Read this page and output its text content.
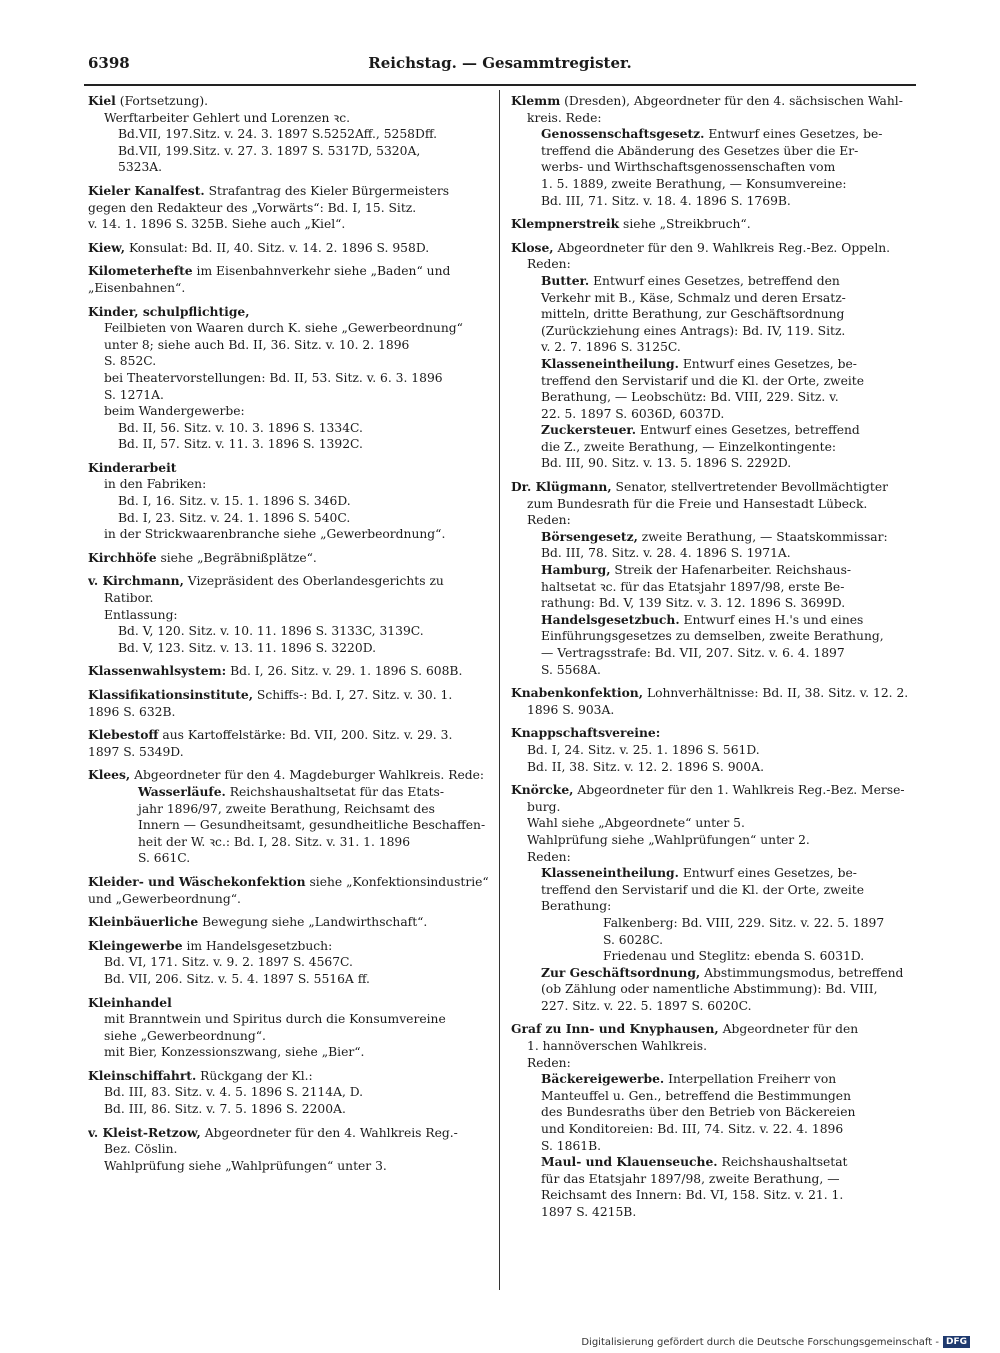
6398	Reichstag. — Gesammtregister.
Kiel (Fortsetzung).
Werftarbeiter Gehlert und Lorenzen ꝛc.
Bd.VII, 197.Sitz. v. 24. 3. 1897 S.5252Aff., 5258Dff.
Bd.VII, 199.Sitz. v. 27. 3. 1897 S. 5317D, 5320A,
5323A.
Kieler Kanalfest. Strafantrag des Kieler Bürgermeisters
gegen den Redakteur des „Vorwärts“: Bd. I, 15. Sitz.
v. 14. 1. 1896 S. 325B. Siehe auch „Kiel“.
Kiew, Konsulat: Bd. II, 40. Sitz. v. 14. 2. 1896 S. 958D.
Kilometerhefte im Eisenbahnverkehr siehe „Baden“ und
„Eisenbahnen“.
Kinder, schulpflichtige,
Feilbieten von Waaren durch K. siehe „Gewerbeordnung“
unter 8; siehe auch Bd. II, 36. Sitz. v. 10. 2. 1896
S. 852C.
bei Theatervorstellungen: Bd. II, 53. Sitz. v. 6. 3. 1896
S. 1271A.
beim Wandergewerbe:
Bd. II, 56. Sitz. v. 10. 3. 1896 S. 1334C.
Bd. II, 57. Sitz. v. 11. 3. 1896 S. 1392C.
Kinderarbeit
in den Fabriken:
Bd. I, 16. Sitz. v. 15. 1. 1896 S. 346D.
Bd. I, 23. Sitz. v. 24. 1. 1896 S. 540C.
in der Strickwaarenbranche siehe „Gewerbeordnung“.
Kirchhöfe siehe „Begräbnißplätze“.
v. Kirchmann, Vizepräsident des Oberlandesgerichts zu
Ratibor.
Entlassung:
Bd. V, 120. Sitz. v. 10. 11. 1896 S. 3133C, 3139C.
Bd. V, 123. Sitz. v. 13. 11. 1896 S. 3220D.
Klassenwahlsystem: Bd. I, 26. Sitz. v. 29. 1. 1896 S. 608B.
Klassifikationsinstitute, Schiffs-: Bd. I, 27. Sitz. v. 30. 1.
1896 S. 632B.
Klebestoff aus Kartoffelstärke: Bd. VII, 200. Sitz. v. 29. 3.
1897 S. 5349D.
Klees, Abgeordneter für den 4. Magdeburger Wahlkreis. Rede:
Wasserläufe. Reichshaushaltsetat für das Etats-
jahr 1896/97, zweite Berathung, Reichsamt des
Innern — Gesundheitsamt, gesundheitliche Beschaffen-
heit der W. ꝛc.: Bd. I, 28. Sitz. v. 31. 1. 1896
S. 661C.
Kleider- und Wäschekonfektion siehe „Konfektionsindustrie“
und „Gewerbeordnung“.
Kleinbäuerliche Bewegung siehe „Landwirthschaft“.
Kleingewerbe im Handelsgesetzbuch:
Bd. VI, 171. Sitz. v. 9. 2. 1897 S. 4567C.
Bd. VII, 206. Sitz. v. 5. 4. 1897 S. 5516A ff.
Kleinhandel
mit Branntwein und Spiritus durch die Konsumvereine
siehe „Gewerbeordnung“.
mit Bier, Konzessionszwang, siehe „Bier“.
Kleinschiffahrt. Rückgang der Kl.:
Bd. III, 83. Sitz. v. 4. 5. 1896 S. 2114A, D.
Bd. III, 86. Sitz. v. 7. 5. 1896 S. 2200A.
v. Kleist-Retzow, Abgeordneter für den 4. Wahlkreis Reg.-
Bez. Cöslin.
Wahlprüfung siehe „Wahlprüfungen“ unter 3.
Klemm (Dresden), Abgeordneter für den 4. sächsischen Wahl-
kreis. Rede:
Genossenschaftsgesetz. Entwurf eines Gesetzes, be-
treffend die Abänderung des Gesetzes über die Er-
werbs- und Wirthschaftsgenossenschaften vom
1. 5. 1889, zweite Berathung, — Konsumvereine:
Bd. III, 71. Sitz. v. 18. 4. 1896 S. 1769B.
Klempnerstreik siehe „Streikbruch“.
Klose, Abgeordneter für den 9. Wahlkreis Reg.-Bez. Oppeln.
Reden:
Butter. Entwurf eines Gesetzes, betreffend den
Verkehr mit B., Käse, Schmalz und deren Ersatz-
mitteln, dritte Berathung, zur Geschäftsordnung
(Zurückziehung eines Antrags): Bd. IV, 119. Sitz.
v. 2. 7. 1896 S. 3125C.
Klasseneintheilung. Entwurf eines Gesetzes, be-
treffend den Servistarif und die Kl. der Orte, zweite
Berathung, — Leobschütz: Bd. VIII, 229. Sitz. v.
22. 5. 1897 S. 6036D, 6037D.
Zuckersteuer. Entwurf eines Gesetzes, betreffend
die Z., zweite Berathung, — Einzelkontingente:
Bd. III, 90. Sitz. v. 13. 5. 1896 S. 2292D.
Dr. Klügmann, Senator, stellvertretender Bevollmächtigter
zum Bundesrath für die Freie und Hansestadt Lübeck.
Reden:
Börsengesetz, zweite Berathung, — Staatskommissar:
Bd. III, 78. Sitz. v. 28. 4. 1896 S. 1971A.
Hamburg, Streik der Hafenarbeiter. Reichshaus-
haltsetat ꝛc. für das Etatsjahr 1897/98, erste Be-
rathung: Bd. V, 139 Sitz. v. 3. 12. 1896 S. 3699D.
Handelsgesetzbuch. Entwurf eines H.'s und eines
Einführungsgesetzes zu demselben, zweite Berathung,
— Vertragsstrafe: Bd. VII, 207. Sitz. v. 6. 4. 1897
S. 5568A.
Knabenkonfektion, Lohnverhältnisse: Bd. II, 38. Sitz. v. 12. 2.
1896 S. 903A.
Knappschaftsvereine:
Bd. I, 24. Sitz. v. 25. 1. 1896 S. 561D.
Bd. II, 38. Sitz. v. 12. 2. 1896 S. 900A.
Knörcke, Abgeordneter für den 1. Wahlkreis Reg.-Bez. Merse-
burg.
Wahl siehe „Abgeordnete“ unter 5.
Wahlprüfung siehe „Wahlprüfungen“ unter 2.
Reden:
Klasseneintheilung. Entwurf eines Gesetzes, be-
treffend den Servistarif und die Kl. der Orte, zweite
Berathung:
Falkenberg: Bd. VIII, 229. Sitz. v. 22. 5. 1897
S. 6028C.
Friedenau und Steglitz: ebenda S. 6031D.
Zur Geschäftsordnung, Abstimmungsmodus, betreffend
(ob Zählung oder namentliche Abstimmung): Bd. VIII,
227. Sitz. v. 22. 5. 1897 S. 6020C.
Graf zu Inn- und Knyphausen, Abgeordneter für den
1. hannöverschen Wahlkreis.
Reden:
Bäckereigewerbe. Interpellation Freiherr von
Manteuffel u. Gen., betreffend die Bestimmungen
des Bundesraths über den Betrieb von Bäckereien
und Konditoreien: Bd. III, 74. Sitz. v. 22. 4. 1896
S. 1861B.
Maul- und Klauenseuche. Reichshaushaltsetat
für das Etatsjahr 1897/98, zweite Berathung, —
Reichsamt des Innern: Bd. VI, 158. Sitz. v. 21. 1.
1897 S. 4215B.
Digitalisierung gefördert durch die Deutsche Forschungsgemeinschaft - DFG
